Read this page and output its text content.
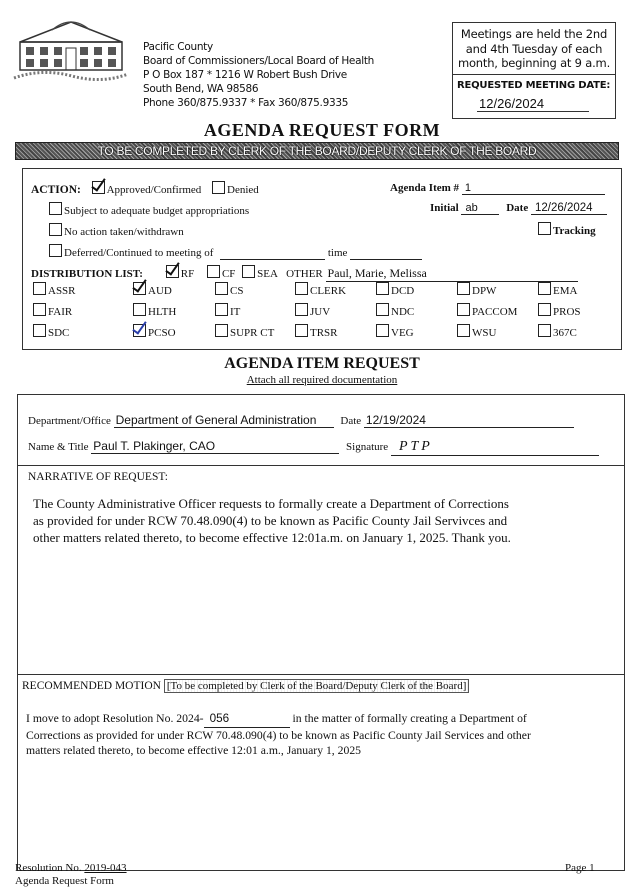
Pacific County
Board of Commissioners/Local Board of Health
P O Box 187 * 1216 W Robert Bush Drive
South Bend, WA 98586
Phone 360/875.9337 * Fax 360/875.9335
Meetings are held the 2nd and 4th Tuesday of each month, beginning at 9 a.m.
REQUESTED MEETING DATE:
12/26/2024
AGENDA REQUEST FORM
TO BE COMPLETED BY CLERK OF THE BOARD/DEPUTY CLERK OF THE BOARD
ACTION: Approved/Confirmed Denied
Subject to adequate budget appropriations
No action taken/withdrawn
Deferred/Continued to meeting of	time
Agenda Item # 1
Initial ab	Date 12/26/2024
Tracking
DISTRIBUTION LIST:	RF	CF SEA OTHER Paul, Marie, Melissa
ASSR	AUD	CS	CLERK	DCD	DPW	EMA
FAIR	HLTH	IT	JUV	NDC	PACCOM	PROS
SDC	PCSO	SUPR CT	TRSR	VEG	WSU	367C
AGENDA ITEM REQUEST
Attach all required documentation
Department/Office Department of General Administration Date 12/19/2024
Name & Title Paul T. Plakinger, CAO	Signature PTP
NARRATIVE OF REQUEST:
The County Administrative Officer requests to formally create a Department of Corrections
as provided for under RCW 70.48.090(4) to be known as Pacific County Jail Servivces and
other matters related thereto, to become effective 12:01a.m. on January 1, 2025. Thank you.
RECOMMENDED MOTION [To be completed by Clerk of the Board/Deputy Clerk of the Board]
I move to adopt Resolution No. 2024- 056	in the matter of formally creating a Department of
Corrections as provided for under RCW 70.48.090(4) to be known as Pacific County Jail Services and other
matters related thereto, to become effective 12:01 a.m., January 1, 2025
Resolution No. 2019-043
Agenda Request Form
Page 1
